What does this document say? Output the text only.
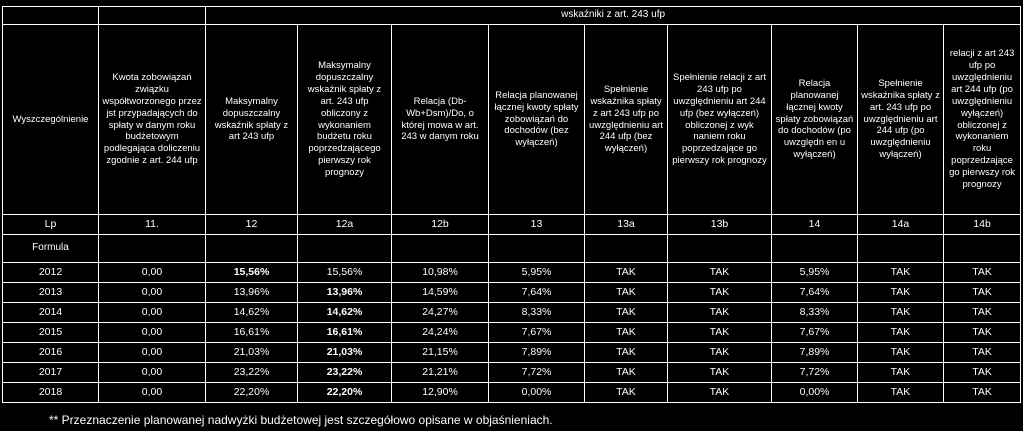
		wskaźniki z art. 243 ufp								
Wyszczególnienie	Kwota zobowiązań związku współtworzonego przez jst przypadających do spłaty w danym roku budżetowym podlegająca doliczeniu zgodnie z art. 244 ufp	Maksymalny dopuszczalny wskaźnik spłaty z art 243 ufp	Maksymalny dopuszczalny wskaźnik spłaty z art. 243 ufp obliczony z wykonaniem budżetu roku poprzedzającego pierwszy rok prognozy	Relacja (Db-Wb+Dsm)/Do, o której mowa w art. 243 w danym roku	Relacja planowanej łącznej kwoty spłaty zobowiązań do dochodów (bez wyłączeń)	Spełnienie wskaźnika spłaty z art 243 ufp po uwzględnieniu art 244 ufp (bez wyłączeń)	Spełnienie relacji z art 243 ufp po uwzględnieniu art 244 ufp (bez wyłączeń) obliczonej z wyk naniem roku poprzedzające go pierwszy rok prognozy	Relacja planowanej łącznej kwoty spłaty zobowiązań do dochodów (po uwzględn en u wyłączeń)	Spełnienie wskaźnika spłaty z art. 243 ufp po uwzględnieniu art 244 ufp (po uwzględnieniu wyłączeń)	relacji z art 243 ufp po uwzględnieniu art 244 ufp (po uwzględnieniu wyłączeń) obliczonej z wykonaniem roku poprzedzające go pierwszy rok prognozy
Lp	11.	12	12a	12b	13	13a	13b	14	14a	14b
Formula										
2012	0,00	15,56%	15,56%	10,98%	5,95%	TAK	TAK	5,95%	TAK	TAK
2013	0,00	13,96%	13,96%	14,59%	7,64%	TAK	TAK	7,64%	TAK	TAK
2014	0,00	14,62%	14,62%	24,27%	8,33%	TAK	TAK	8,33%	TAK	TAK
2015	0,00	16,61%	16,61%	24,24%	7,67%	TAK	TAK	7,67%	TAK	TAK
2016	0,00	21,03%	21,03%	21,15%	7,89%	TAK	TAK	7,89%	TAK	TAK
2017	0,00	23,22%	23,22%	21,21%	7,72%	TAK	TAK	7,72%	TAK	TAK
2018	0,00	22,20%	22,20%	12,90%	0,00%	TAK	TAK	0,00%	TAK	TAK
** Przeznaczenie planowanej nadwyżki budżetowej jest szczegółowo opisane w objaśnieniach.
